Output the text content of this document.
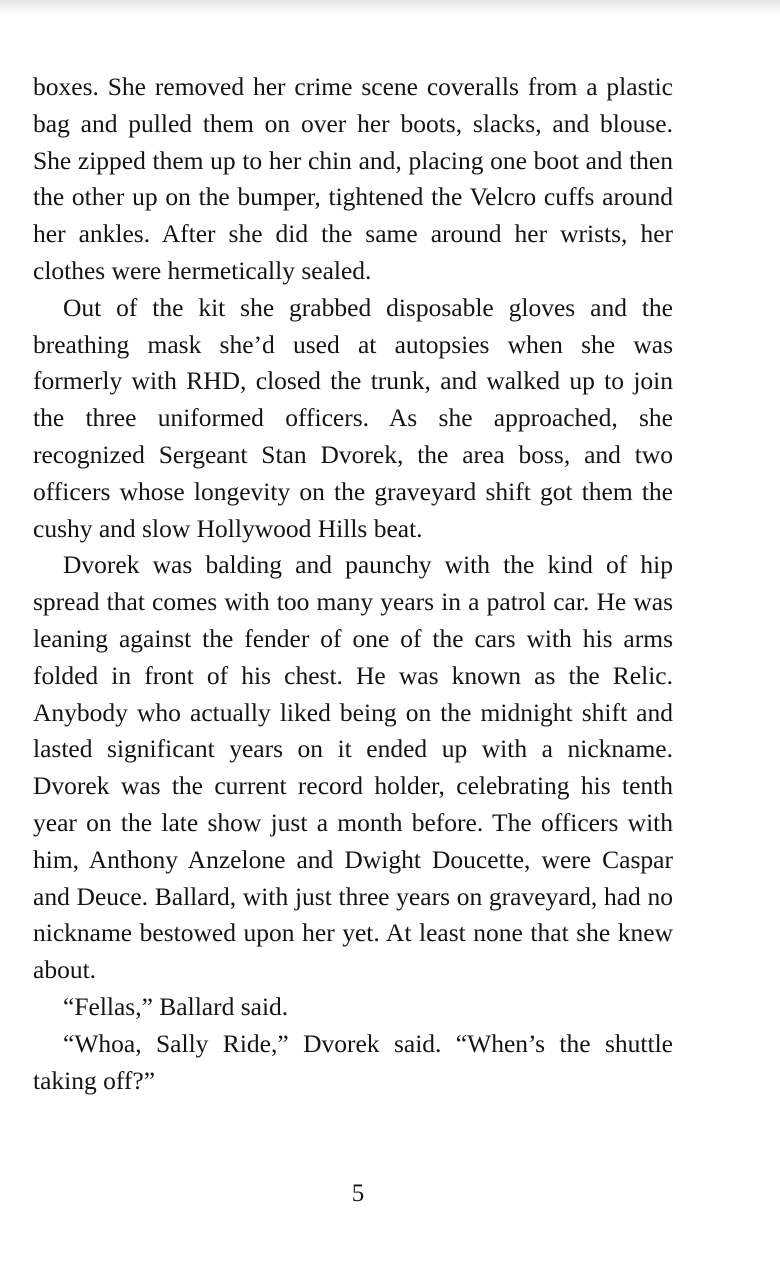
boxes. She removed her crime scene coveralls from a plastic bag and pulled them on over her boots, slacks, and blouse. She zipped them up to her chin and, placing one boot and then the other up on the bumper, tightened the Velcro cuffs around her ankles. After she did the same around her wrists, her clothes were hermetically sealed.

Out of the kit she grabbed disposable gloves and the breathing mask she’d used at autopsies when she was formerly with RHD, closed the trunk, and walked up to join the three uniformed officers. As she approached, she recognized Sergeant Stan Dvorek, the area boss, and two officers whose longevity on the graveyard shift got them the cushy and slow Hollywood Hills beat.

Dvorek was balding and paunchy with the kind of hip spread that comes with too many years in a patrol car. He was leaning against the fender of one of the cars with his arms folded in front of his chest. He was known as the Relic. Anybody who actually liked being on the midnight shift and lasted significant years on it ended up with a nickname. Dvorek was the current record holder, celebrating his tenth year on the late show just a month before. The officers with him, Anthony Anzelone and Dwight Doucette, were Caspar and Deuce. Ballard, with just three years on graveyard, had no nickname bestowed upon her yet. At least none that she knew about.

“Fellas,” Ballard said.

“Whoa, Sally Ride,” Dvorek said. “When’s the shuttle taking off?”

5
